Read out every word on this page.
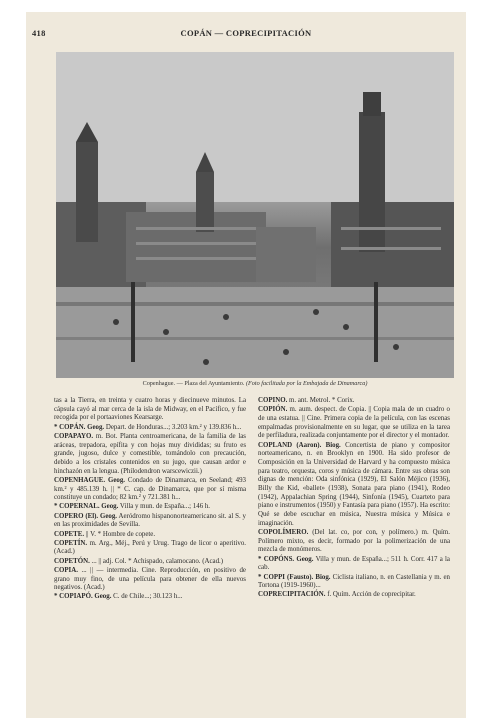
418	COPÁN — COPRECIPITACIÓN
Copenhague. — Plaza del Ayuntamiento. (Foto facilitada por la Embajada de Dinamarca)
tas a la Tierra, en treinta y cuatro horas y diecinueve minutos. La cápsula cayó al mar cerca de la isla de Midway, en el Pacífico, y fue recogida por el portaaviones Kearsarge.
* COPÁN. Geog. Depart. de Honduras...; 3.203 km.² y 139.836 h...
COPAPAYO. m. Bot. Planta centroamericana, de la familia de las aráceas, trepadora, epífita y con hojas muy divididas; su fruto es grande, jugoso, dulce y comestible, tomándolo con precaución, debido a los cristales contenidos en su jugo, que causan ardor e hinchazón en la lengua. (Philodendron warscewiczii.)
COPENHAGUE. Geog. Condado de Dinamarca, en Seeland; 493 km.² y 485.139 h. || * C. cap. de Dinamarca, que por sí misma constituye un condado; 82 km.² y 721.381 h...
* COPERNAL. Geog. Villa y mun. de España...; 146 h.
COPERO (El). Geog. Aeródromo hispanonorteamericano sit. al S. y en las proximidades de Sevilla.
COPETE. || V. * Hombre de copete.
COPETÍN. m. Arg., Méj., Perú y Urug. Trago de licor o aperitivo. (Acad.)
COPETÓN. ... || adj. Col. * Achispado, calamocano. (Acad.)
COPIA. ... || — intermedia. Cine. Reproducción, en positivo de grano muy fino, de una película para obtener de ella nuevos negativos. (Acad.)
* COPIAPÓ. Geog. C. de Chile...; 30.123 h...
COPINO. m. ant. Metrol. * Corix.
COPIÓN. m. aum. despect. de Copia. || Copia mala de un cuadro o de una estatua. || Cine. Primera copia de la película, con las escenas empalmadas provisionalmente en su lugar, que se utiliza en la tarea de perfiladura, realizada conjuntamente por el director y el montador.
COPLAND (Aaron). Biog. Concertista de piano y compositor norteamericano, n. en Brooklyn en 1900. Ha sido profesor de Composición en la Universidad de Harvard y ha compuesto música para teatro, orquesta, coros y música de cámara. Entre sus obras son dignas de mención: Oda sinfónica (1929), El Salón Méjico (1936), Billy the Kid, «ballet» (1938), Sonata para piano (1941), Rodeo (1942), Appalachian Spring (1944), Sinfonía (1945), Cuarteto para piano e instrumentos (1950) y Fantasía para piano (1957). Ha escrito: Qué se debe escuchar en música, Nuestra música y Música e imaginación.
COPOLÍMERO. (Del lat. co, por con, y polímero.) m. Quím. Polímero mixto, es decir, formado por la polimerización de una mezcla de monómeros.
* COPÓNS. Geog. Villa y mun. de España...; 511 h. Corr. 417 a la cab.
* COPPI (Fausto). Biog. Ciclista italiano, n. en Castellania y m. en Tortona (1919-1960)...
COPRECIPITACIÓN. f. Quím. Acción de coprecipitar.
